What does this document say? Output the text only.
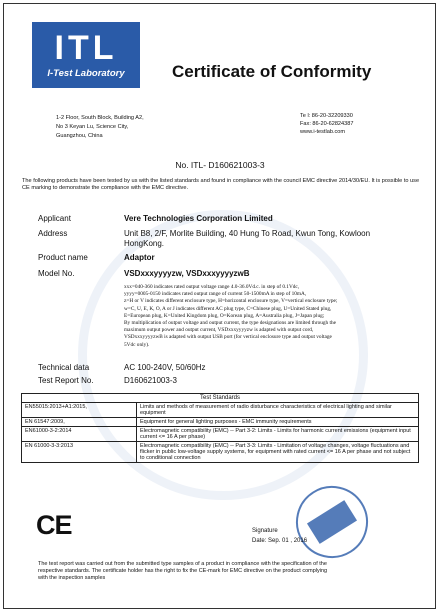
ITL
I-Test Laboratory	Certificate of Conformity
1-2 Floor, South Block, Building A2,
No 3 Keyan Lu, Science City,
Guangzhou, China
Te l: 86-20-32209330
Fax: 86-20-62824387
www.i-testlab.com
No. ITL- D160621003-3
The following products have been tested by us with the listed standards and found in compliance with the council EMC directive 2014/30/EU. It is possible to use CE marking to demonstrate the compliance with the EMC directive.
Applicant	Vere Technologies Corporation Limited
Address	Unit B8, 2/F, Morlite Building, 40 Hung To Road, Kwun Tong, Kowloon
HongKong.
Product name	Adaptor
Model No.	VSDxxxyyyyzw, VSDxxxyyyyzwB
xxx=040-360 indicates rated output voltage range 4.0-36.0Vd.c. in step of 0.1Vdc,
yyyy=0005-0150 indicates rated output range of current 50-1500mA in step of 10mA,
z=H or V indicates different enclosure type, H=horizontal enclosure type, V=vertical enclosure type;
w=C, U, E, K, O, A or J indicates different AC plug type, C=Chinese plug, U=United Stated plug,
E=European plug, K=United Kingdom plug, O=Korean plug, A=Australia plug, J=Japan plug;
By multiplication of output voltage and output current, the type designations are limited through the
maximum output power and output current, VSDxxxyyyyzw is adapted with output cord,
VSDxxxyyyyzwB is adapted with output USB port (for vertical enclosure type and output voltage
5Vdc only).
Technical data	AC 100-240V, 50/60Hz
Test Report No.	D160621003-3
Test Standards	
EN55015:2013+A1:2015,	Limits and methods of measurement of radio disturbance characteristics of electrical lighting and similar equipment
EN 61547:2009,	Equipment for general lighting purposes - EMC immunity requirements
EN61000-3-2:2014	Electromagnetic compatibility (EMC) -- Part 3-2: Limits - Limits for harmonic current emissions (equipment input current <= 16 A per phase)
EN 61000-3-3:2013	Electromagnetic compatibility (EMC) -- Part 3-3: Limits - Limitation of voltage changes, voltage fluctuations and flicker in public low-voltage supply systems, for equipment with rated current <= 16 A per phase and not subject to conditional connection
CE	Signature
Date: Sep. 01 , 2016
The test report was carried out from the submitted type samples of a product in compliance with the specification of the respective standards. The certificate holder has the right to fix the CE-mark for EMC directive on the product complying with the inspection samples
